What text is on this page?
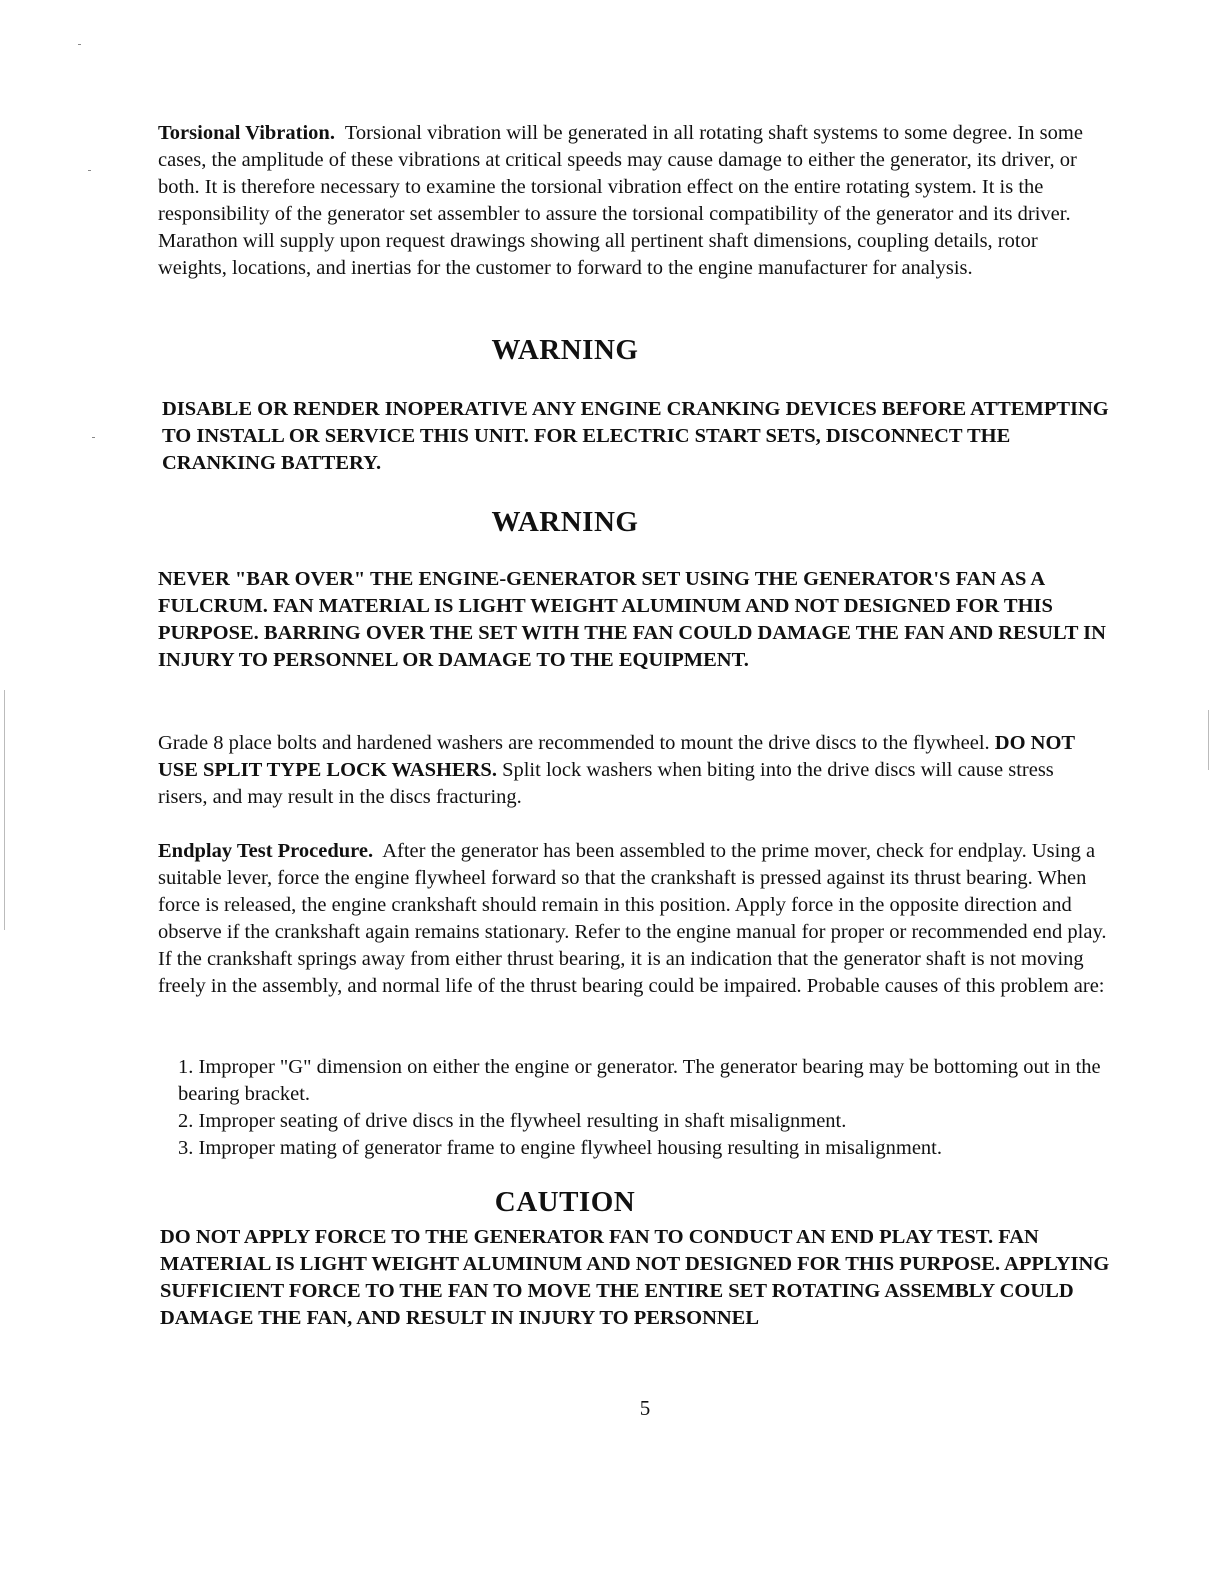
Torsional Vibration. Torsional vibration will be generated in all rotating shaft systems to some degree. In some cases, the amplitude of these vibrations at critical speeds may cause damage to either the generator, its driver, or both. It is therefore necessary to examine the torsional vibration effect on the entire rotating system. It is the responsibility of the generator set assembler to assure the torsional compatibility of the generator and its driver. Marathon will supply upon request drawings showing all pertinent shaft dimensions, coupling details, rotor weights, locations, and inertias for the customer to forward to the engine manufacturer for analysis.
WARNING
DISABLE OR RENDER INOPERATIVE ANY ENGINE CRANKING DEVICES BEFORE ATTEMPTING TO INSTALL OR SERVICE THIS UNIT. FOR ELECTRIC START SETS, DISCONNECT THE CRANKING BATTERY.
WARNING
NEVER "BAR OVER" THE ENGINE-GENERATOR SET USING THE GENERATOR'S FAN AS A FULCRUM. FAN MATERIAL IS LIGHT WEIGHT ALUMINUM AND NOT DESIGNED FOR THIS PURPOSE. BARRING OVER THE SET WITH THE FAN COULD DAMAGE THE FAN AND RESULT IN INJURY TO PERSONNEL OR DAMAGE TO THE EQUIPMENT.
Grade 8 place bolts and hardened washers are recommended to mount the drive discs to the flywheel. DO NOT USE SPLIT TYPE LOCK WASHERS. Split lock washers when biting into the drive discs will cause stress risers, and may result in the discs fracturing.
Endplay Test Procedure. After the generator has been assembled to the prime mover, check for endplay. Using a suitable lever, force the engine flywheel forward so that the crankshaft is pressed against its thrust bearing. When force is released, the engine crankshaft should remain in this position. Apply force in the opposite direction and observe if the crankshaft again remains stationary. Refer to the engine manual for proper or recommended end play. If the crankshaft springs away from either thrust bearing, it is an indication that the generator shaft is not moving freely in the assembly, and normal life of the thrust bearing could be impaired. Probable causes of this problem are:
1. Improper "G" dimension on either the engine or generator. The generator bearing may be bottoming out in the bearing bracket.
2. Improper seating of drive discs in the flywheel resulting in shaft misalignment.
3. Improper mating of generator frame to engine flywheel housing resulting in misalignment.
CAUTION
DO NOT APPLY FORCE TO THE GENERATOR FAN TO CONDUCT AN END PLAY TEST. FAN MATERIAL IS LIGHT WEIGHT ALUMINUM AND NOT DESIGNED FOR THIS PURPOSE. APPLYING SUFFICIENT FORCE TO THE FAN TO MOVE THE ENTIRE SET ROTATING ASSEMBLY COULD DAMAGE THE FAN, AND RESULT IN INJURY TO PERSONNEL
5
